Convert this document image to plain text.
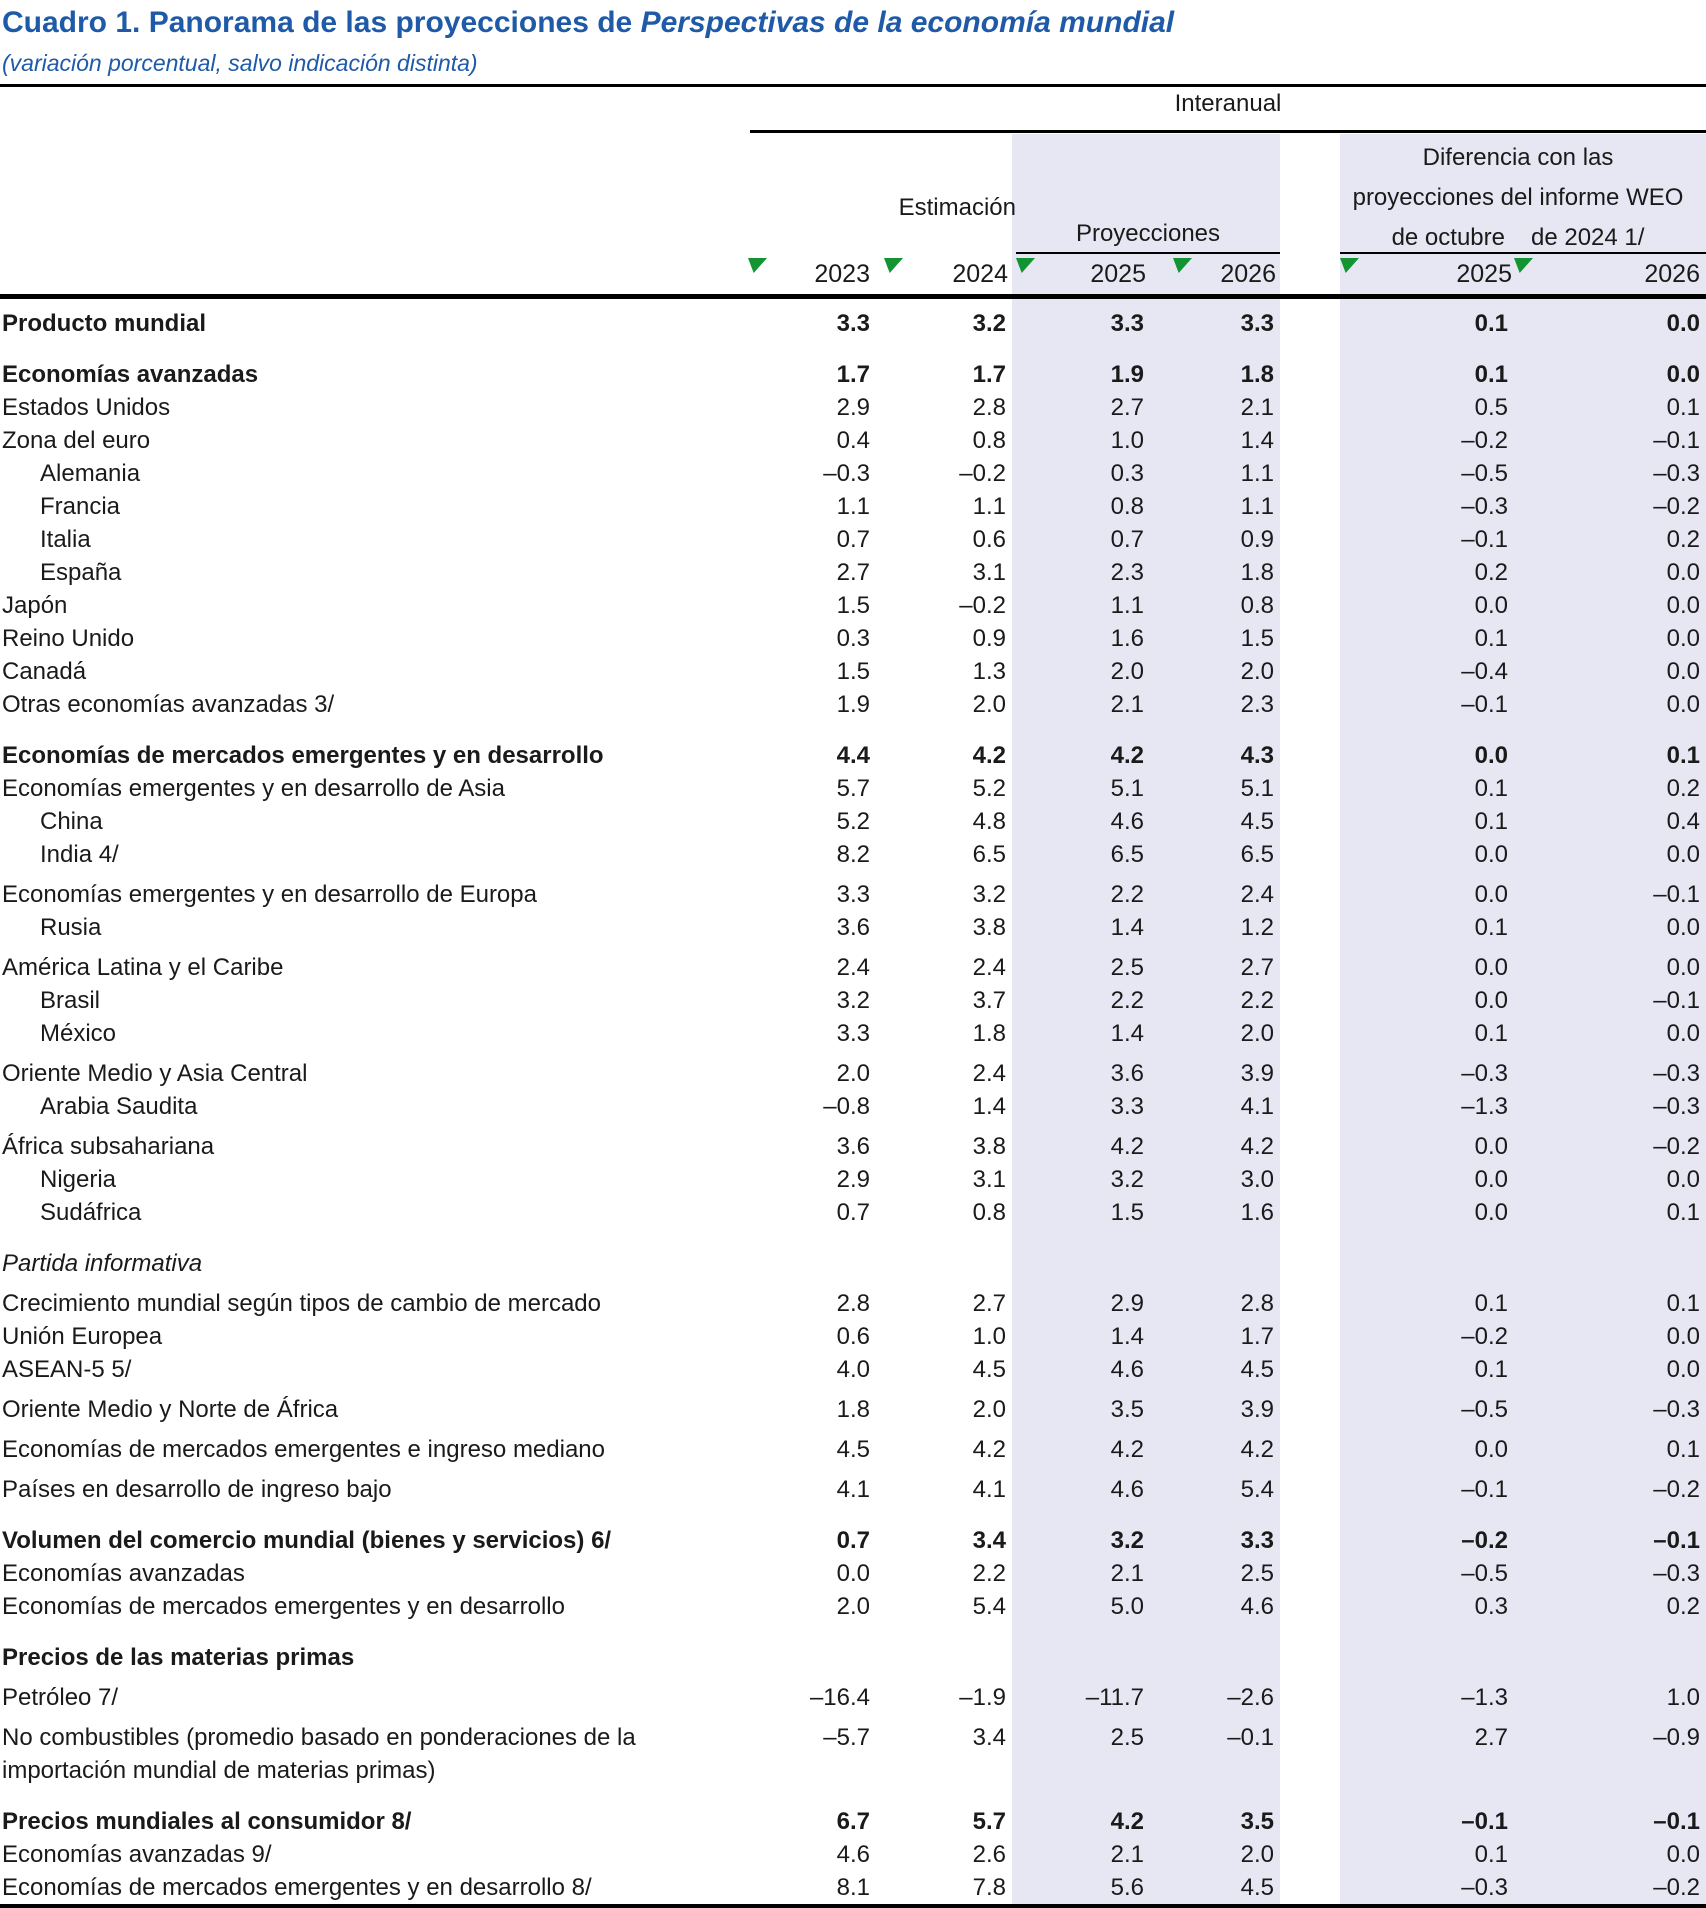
Cuadro 1. Panorama de las proyecciones de Perspectivas de la economía mundial
(variación porcentual, salvo indicación distinta)
Interanual
Estimación
Proyecciones
Diferencia con las
proyecciones del informe WEO
de octubre de 2024 1/
2023	2024	2025	2026	2025	2026
Producto mundial	3.3	3.2	3.3	3.3		0.1	0.0
Economías avanzadas	1.7	1.7	1.9	1.8		0.1	0.0
Estados Unidos	2.9	2.8	2.7	2.1		0.5	0.1
Zona del euro	0.4	0.8	1.0	1.4		–0.2	–0.1
Alemania	–0.3	–0.2	0.3	1.1		–0.5	–0.3
Francia	1.1	1.1	0.8	1.1		–0.3	–0.2
Italia	0.7	0.6	0.7	0.9		–0.1	0.2
España	2.7	3.1	2.3	1.8		0.2	0.0
Japón	1.5	–0.2	1.1	0.8		0.0	0.0
Reino Unido	0.3	0.9	1.6	1.5		0.1	0.0
Canadá	1.5	1.3	2.0	2.0		–0.4	0.0
Otras economías avanzadas 3/	1.9	2.0	2.1	2.3		–0.1	0.0
Economías de mercados emergentes y en desarrollo	4.4	4.2	4.2	4.3		0.0	0.1
Economías emergentes y en desarrollo de Asia	5.7	5.2	5.1	5.1		0.1	0.2
China	5.2	4.8	4.6	4.5		0.1	0.4
India 4/	8.2	6.5	6.5	6.5		0.0	0.0
Economías emergentes y en desarrollo de Europa	3.3	3.2	2.2	2.4		0.0	–0.1
Rusia	3.6	3.8	1.4	1.2		0.1	0.0
América Latina y el Caribe	2.4	2.4	2.5	2.7		0.0	0.0
Brasil	3.2	3.7	2.2	2.2		0.0	–0.1
México	3.3	1.8	1.4	2.0		0.1	0.0
Oriente Medio y Asia Central	2.0	2.4	3.6	3.9		–0.3	–0.3
Arabia Saudita	–0.8	1.4	3.3	4.1		–1.3	–0.3
África subsahariana	3.6	3.8	4.2	4.2		0.0	–0.2
Nigeria	2.9	3.1	3.2	3.0		0.0	0.0
Sudáfrica	0.7	0.8	1.5	1.6		0.0	0.1
Partida informativa							
Crecimiento mundial según tipos de cambio de mercado	2.8	2.7	2.9	2.8		0.1	0.1
Unión Europea	0.6	1.0	1.4	1.7		–0.2	0.0
ASEAN-5 5/	4.0	4.5	4.6	4.5		0.1	0.0
Oriente Medio y Norte de África	1.8	2.0	3.5	3.9		–0.5	–0.3
Economías de mercados emergentes e ingreso mediano	4.5	4.2	4.2	4.2		0.0	0.1
Países en desarrollo de ingreso bajo	4.1	4.1	4.6	5.4		–0.1	–0.2
Volumen del comercio mundial (bienes y servicios) 6/	0.7	3.4	3.2	3.3		–0.2	–0.1
Economías avanzadas	0.0	2.2	2.1	2.5		–0.5	–0.3
Economías de mercados emergentes y en desarrollo	2.0	5.4	5.0	4.6		0.3	0.2
Precios de las materias primas							
Petróleo 7/	–16.4	–1.9	–11.7	–2.6		–1.3	1.0
No combustibles (promedio basado en ponderaciones de la importación mundial de materias primas)	–5.7	3.4	2.5	–0.1		2.7	–0.9
Precios mundiales al consumidor 8/	6.7	5.7	4.2	3.5		–0.1	–0.1
Economías avanzadas 9/	4.6	2.6	2.1	2.0		0.1	0.0
Economías de mercados emergentes y en desarrollo 8/	8.1	7.8	5.6	4.5		–0.3	–0.2
